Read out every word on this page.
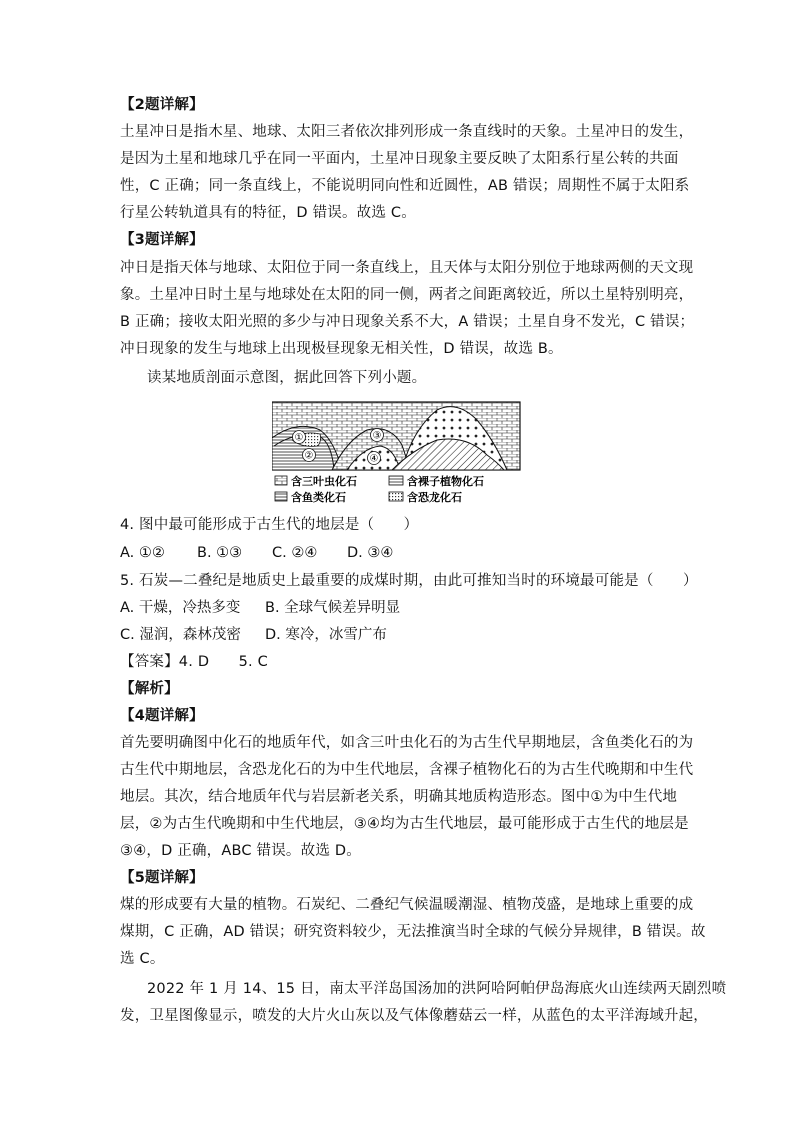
【2题详解】
土星冲日是指木星、地球、太阳三者依次排列形成一条直线时的天象。土星冲日的发生，
是因为土星和地球几乎在同一平面内，土星冲日现象主要反映了太阳系行星公转的共面
性，C 正确；同一条直线上，不能说明同向性和近圆性，AB 错误；周期性不属于太阳系
行星公转轨道具有的特征，D 错误。故选 C。
【3题详解】
冲日是指天体与地球、太阳位于同一条直线上，且天体与太阳分别位于地球两侧的天文现
象。土星冲日时土星与地球处在太阳的同一侧，两者之间距离较近，所以土星特别明亮，
B 正确；接收太阳光照的多少与冲日现象关系不大，A 错误；土星自身不发光，C 错误；
冲日现象的发生与地球上出现极昼现象无相关性，D 错误，故选 B。
读某地质剖面示意图，据此回答下列小题。
①
②
③
④
含三叶虫化石	含裸子植物化石
含鱼类化石	含恐龙化石
4. 图中最可能形成于古生代的地层是（　　）
A. ①② B. ①③ C. ②④ D. ③④
5. 石炭—二叠纪是地质史上最重要的成煤时期，由此可推知当时的环境最可能是（　　）
A. 干燥，冷热多变 B. 全球气候差异明显
C. 湿润，森林茂密 D. 寒冷，冰雪广布
【答案】4. D　　5. C
【解析】
【4题详解】
首先要明确图中化石的地质年代，如含三叶虫化石的为古生代早期地层，含鱼类化石的为
古生代中期地层，含恐龙化石的为中生代地层，含裸子植物化石的为古生代晚期和中生代
地层。其次，结合地质年代与岩层新老关系，明确其地质构造形态。图中①为中生代地
层，②为古生代晚期和中生代地层，③④均为古生代地层，最可能形成于古生代的地层是
③④，D 正确，ABC 错误。故选 D。
【5题详解】
煤的形成要有大量的植物。石炭纪、二叠纪气候温暖潮湿、植物茂盛，是地球上重要的成
煤期，C 正确，AD 错误；研究资料较少，无法推演当时全球的气候分异规律，B 错误。故
选 C。
2022 年 1 月 14、15 日，南太平洋岛国汤加的洪阿哈阿帕伊岛海底火山连续两天剧烈喷
发，卫星图像显示，喷发的大片火山灰以及气体像蘑菇云一样，从蓝色的太平洋海域升起，
